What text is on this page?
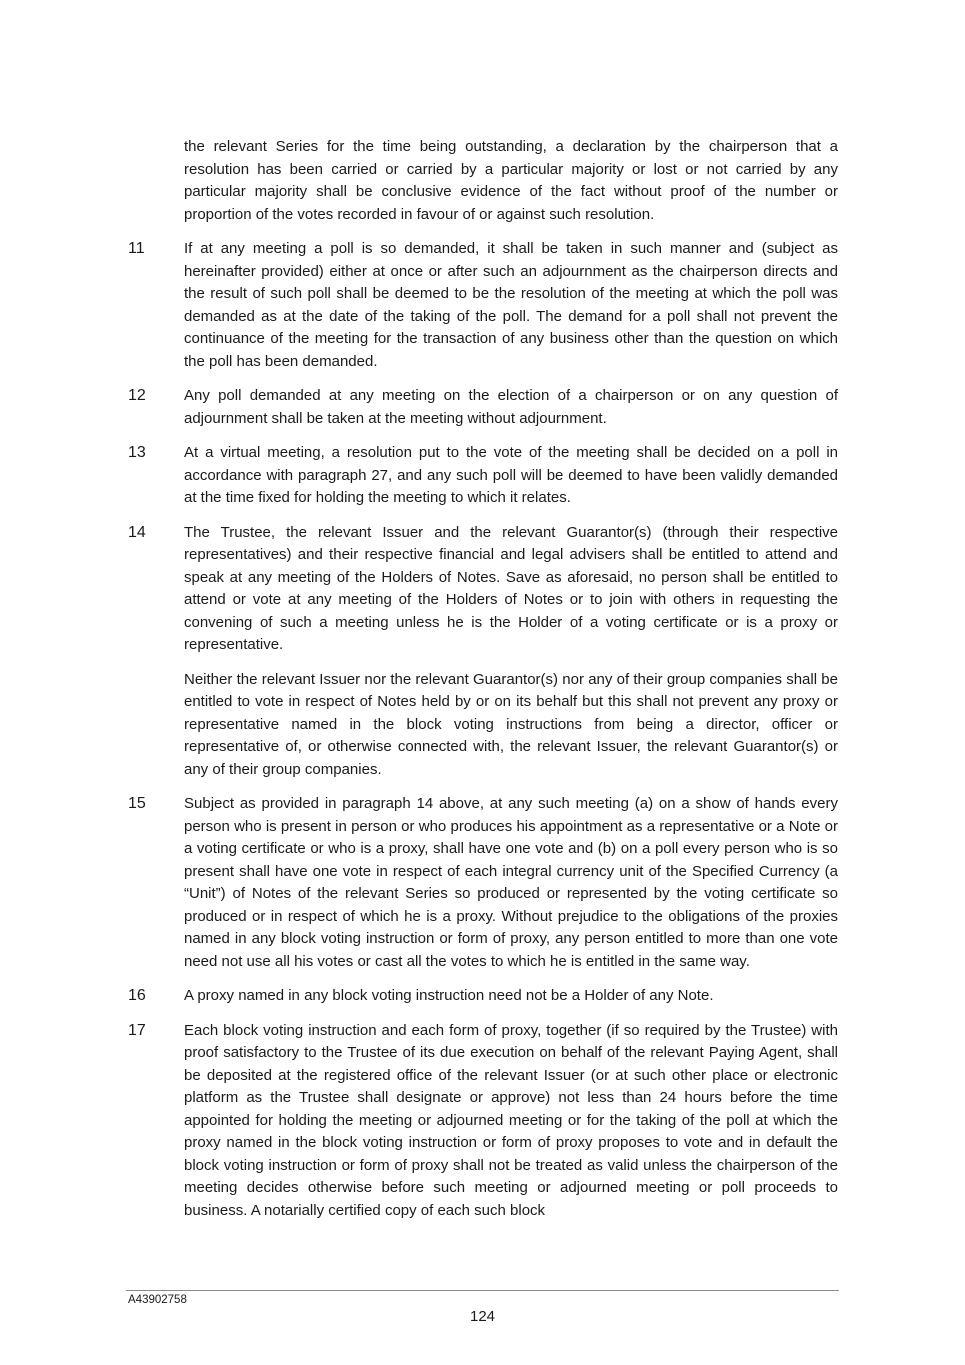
the relevant Series for the time being outstanding, a declaration by the chairperson that a resolution has been carried or carried by a particular majority or lost or not carried by any particular majority shall be conclusive evidence of the fact without proof of the number or proportion of the votes recorded in favour of or against such resolution.

11	If at any meeting a poll is so demanded, it shall be taken in such manner and (subject as hereinafter provided) either at once or after such an adjournment as the chairperson directs and the result of such poll shall be deemed to be the resolution of the meeting at which the poll was demanded as at the date of the taking of the poll. The demand for a poll shall not prevent the continuance of the meeting for the transaction of any business other than the question on which the poll has been demanded.

12	Any poll demanded at any meeting on the election of a chairperson or on any question of adjournment shall be taken at the meeting without adjournment.

13	At a virtual meeting, a resolution put to the vote of the meeting shall be decided on a poll in accordance with paragraph 27, and any such poll will be deemed to have been validly demanded at the time fixed for holding the meeting to which it relates.

14	The Trustee, the relevant Issuer and the relevant Guarantor(s) (through their respective representatives) and their respective financial and legal advisers shall be entitled to attend and speak at any meeting of the Holders of Notes. Save as aforesaid, no person shall be entitled to attend or vote at any meeting of the Holders of Notes or to join with others in requesting the convening of such a meeting unless he is the Holder of a voting certificate or is a proxy or representative.

Neither the relevant Issuer nor the relevant Guarantor(s) nor any of their group companies shall be entitled to vote in respect of Notes held by or on its behalf but this shall not prevent any proxy or representative named in the block voting instructions from being a director, officer or representative of, or otherwise connected with, the relevant Issuer, the relevant Guarantor(s) or any of their group companies.

15	Subject as provided in paragraph 14 above, at any such meeting (a) on a show of hands every person who is present in person or who produces his appointment as a representative or a Note or a voting certificate or who is a proxy, shall have one vote and (b) on a poll every person who is so present shall have one vote in respect of each integral currency unit of the Specified Currency (a “Unit”) of Notes of the relevant Series so produced or represented by the voting certificate so produced or in respect of which he is a proxy. Without prejudice to the obligations of the proxies named in any block voting instruction or form of proxy, any person entitled to more than one vote need not use all his votes or cast all the votes to which he is entitled in the same way.

16	A proxy named in any block voting instruction need not be a Holder of any Note.

17	Each block voting instruction and each form of proxy, together (if so required by the Trustee) with proof satisfactory to the Trustee of its due execution on behalf of the relevant Paying Agent, shall be deposited at the registered office of the relevant Issuer (or at such other place or electronic platform as the Trustee shall designate or approve) not less than 24 hours before the time appointed for holding the meeting or adjourned meeting or for the taking of the poll at which the proxy named in the block voting instruction or form of proxy proposes to vote and in default the block voting instruction or form of proxy shall not be treated as valid unless the chairperson of the meeting decides otherwise before such meeting or adjourned meeting or poll proceeds to business. A notarially certified copy of each such block

A43902758
124
